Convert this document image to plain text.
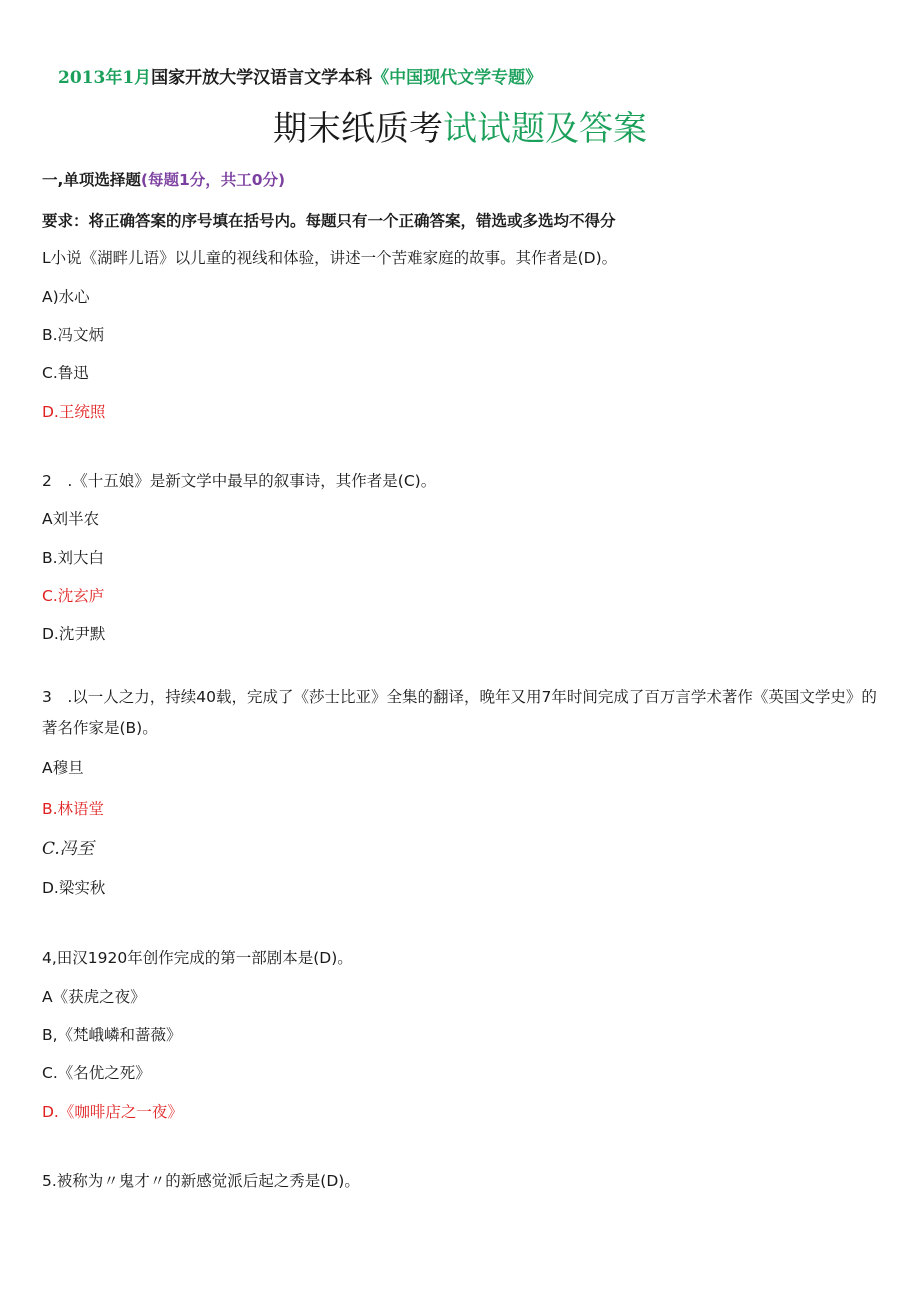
2013年1月国家开放大学汉语言文学本科《中国现代文学专题》
期末纸质考试试题及答案
一,单项选择题(每题1分，共工0分)
要求：将正确答案的序号填在括号内。每题只有一个正确答案，错选或多选均不得分
L小说《湖畔儿语》以儿童的视线和体验，讲述一个苦难家庭的故事。其作者是(D)。
A)水心
B.冯文炳
C.鲁迅
D.王统照
2　.《十五娘》是新文学中最早的叙事诗，其作者是(C)。
A刘半农
B.刘大白
C.沈玄庐
D.沈尹默
3　.以一人之力，持续40载，完成了《莎士比亚》全集的翻译，晚年又用7年时间完成了百万言学术著作《英国文学史》的著名作家是(B)。
A穆旦
B.林语堂
C.冯至
D.梁实秋
4,田汉1920年创作完成的第一部剧本是(D)。
A《获虎之夜》
B,《梵峨嶙和蔷薇》
C.《名优之死》
D.《咖啡店之一夜》
5.被称为〃鬼才〃的新感觉派后起之秀是(D)。
